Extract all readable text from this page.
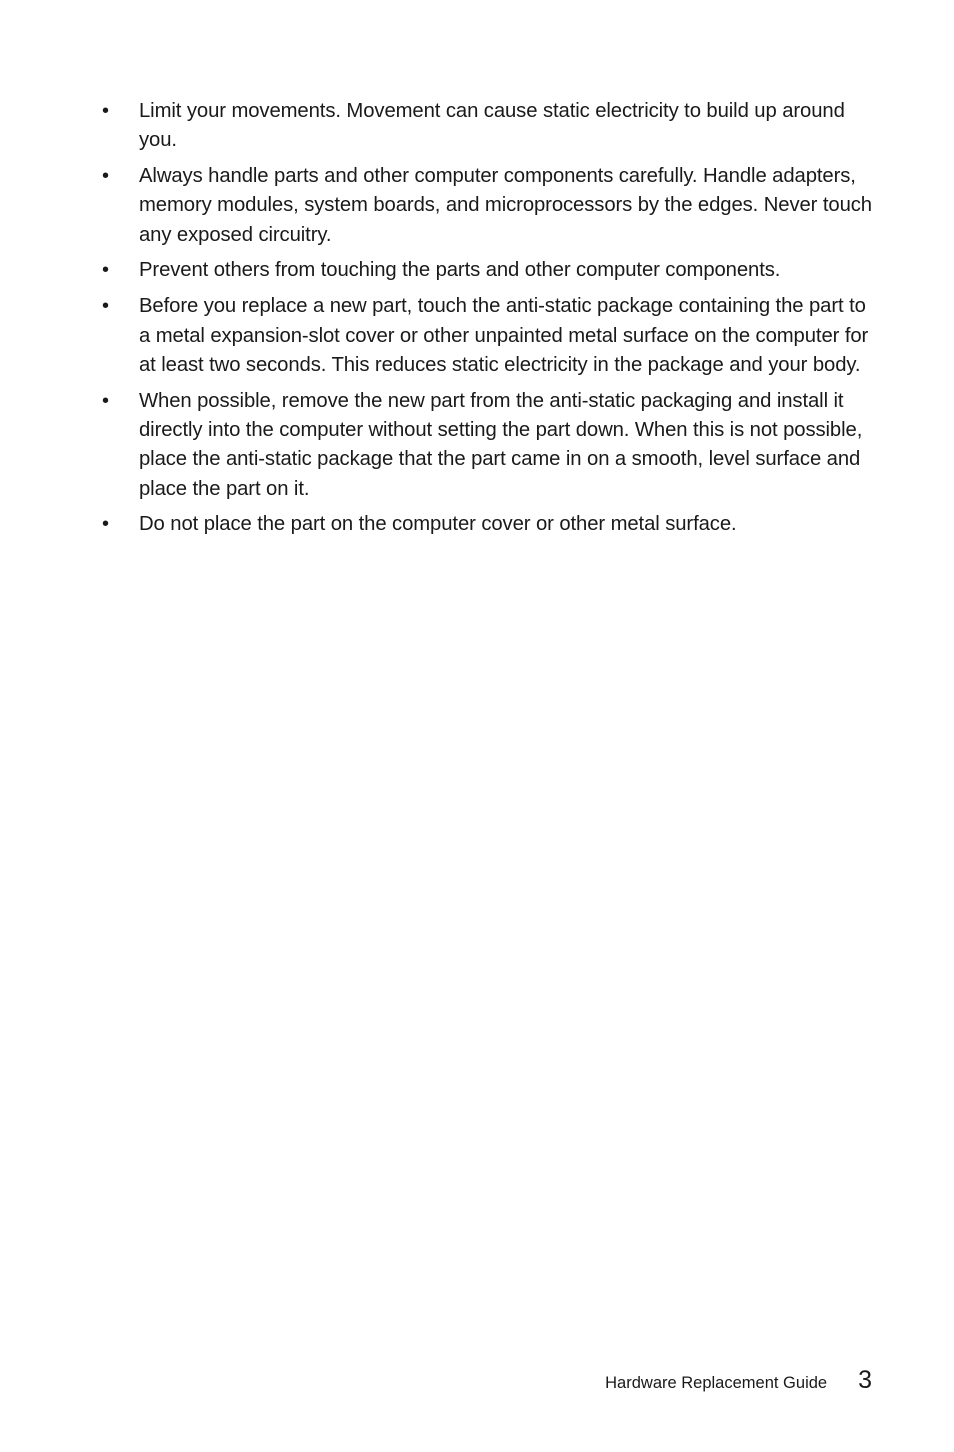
• Limit your movements. Movement can cause static electricity to build up around you.
• Always handle parts and other computer components carefully. Handle adapters, memory modules, system boards, and microprocessors by the edges. Never touch any exposed circuitry.
• Prevent others from touching the parts and other computer components.
• Before you replace a new part, touch the anti-static package containing the part to a metal expansion-slot cover or other unpainted metal surface on the computer for at least two seconds. This reduces static electricity in the package and your body.
• When possible, remove the new part from the anti-static packaging and install it directly into the computer without setting the part down. When this is not possible, place the anti-static package that the part came in on a smooth, level surface and place the part on it.
• Do not place the part on the computer cover or other metal surface.
Hardware Replacement Guide 3
